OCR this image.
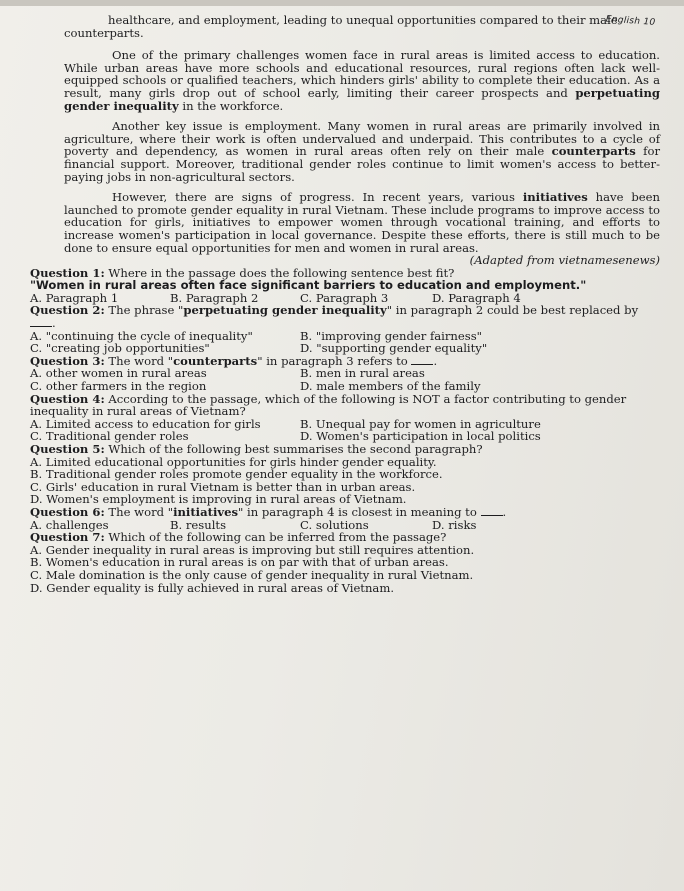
English 10

healthcare, and employment, leading to unequal opportunities compared to their male

counterparts.

One of the primary challenges women face in rural areas is limited access to education. While urban areas have more schools and educational resources, rural regions often lack well-equipped schools or qualified teachers, which hinders girls' ability to complete their education. As a result, many girls drop out of school early, limiting their career prospects and perpetuating gender inequality in the workforce.

Another key issue is employment. Many women in rural areas are primarily involved in agriculture, where their work is often undervalued and underpaid. This contributes to a cycle of poverty and dependency, as women in rural areas often rely on their male counterparts for financial support. Moreover, traditional gender roles continue to limit women's access to better-paying jobs in non-agricultural sectors.

However, there are signs of progress. In recent years, various initiatives have been launched to promote gender equality in rural Vietnam. These include programs to improve access to education for girls, initiatives to empower women through vocational training, and efforts to increase women's participation in local governance. Despite these efforts, there is still much to be done to ensure equal opportunities for men and women in rural areas.

(Adapted from vietnamesenews)

Question 1: Where in the passage does the following sentence best fit?

"Women in rural areas often face significant barriers to education and employment."

A. Paragraph 1	B. Paragraph 2	C. Paragraph 3	D. Paragraph 4

Question 2: The phrase "perpetuating gender inequality" in paragraph 2 could be best replaced by .

A. "continuing the cycle of inequality"	B. "improving gender fairness"
C. "creating job opportunities"	D. "supporting gender equality"

Question 3: The word "counterparts" in paragraph 3 refers to .

A. other women in rural areas	B. men in rural areas
C. other farmers in the region	D. male members of the family

Question 4: According to the passage, which of the following is NOT a factor contributing to gender inequality in rural areas of Vietnam?

A. Limited access to education for girls	B. Unequal pay for women in agriculture
C. Traditional gender roles	D. Women's participation in local politics

Question 5: Which of the following best summarises the second paragraph?

A. Limited educational opportunities for girls hinder gender equality.
B. Traditional gender roles promote gender equality in the workforce.
C. Girls' education in rural Vietnam is better than in urban areas.
D. Women's employment is improving in rural areas of Vietnam.

Question 6: The word "initiatives" in paragraph 4 is closest in meaning to .

A. challenges	B. results	C. solutions	D. risks

Question 7: Which of the following can be inferred from the passage?

A. Gender inequality in rural areas is improving but still requires attention.
B. Women's education in rural areas is on par with that of urban areas.
C. Male domination is the only cause of gender inequality in rural Vietnam.
D. Gender equality is fully achieved in rural areas of Vietnam.
